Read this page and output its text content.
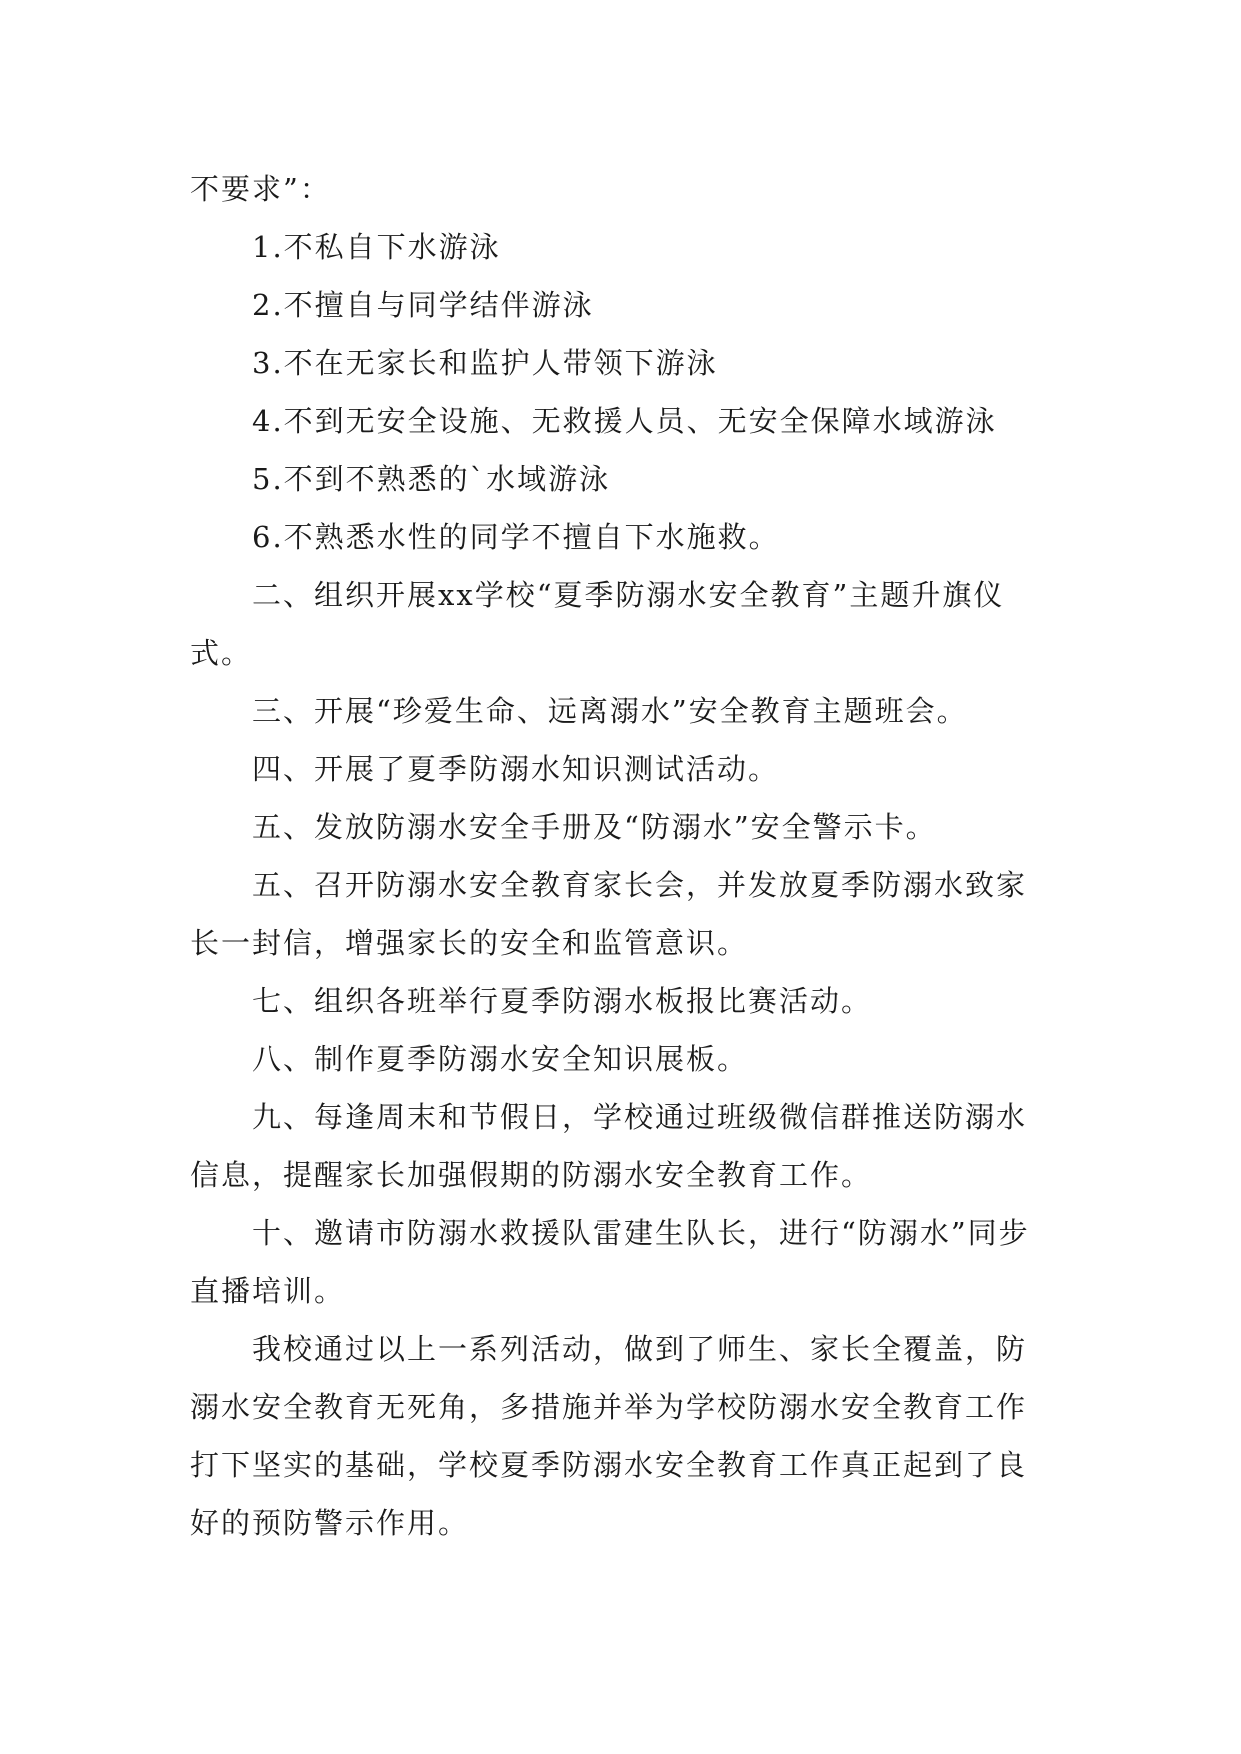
不要求”：

1.不私自下水游泳

2.不擅自与同学结伴游泳

3.不在无家长和监护人带领下游泳

4.不到无安全设施、无救援人员、无安全保障水域游泳

5.不到不熟悉的`水域游泳

6.不熟悉水性的同学不擅自下水施救。

二、组织开展xx学校“夏季防溺水安全教育”主题升旗仪式。

三、开展“珍爱生命、远离溺水”安全教育主题班会。

四、开展了夏季防溺水知识测试活动。

五、发放防溺水安全手册及“防溺水”安全警示卡。

五、召开防溺水安全教育家长会，并发放夏季防溺水致家长一封信，增强家长的安全和监管意识。

七、组织各班举行夏季防溺水板报比赛活动。

八、制作夏季防溺水安全知识展板。

九、每逢周末和节假日，学校通过班级微信群推送防溺水信息，提醒家长加强假期的防溺水安全教育工作。

十、邀请市防溺水救援队雷建生队长，进行“防溺水”同步直播培训。

我校通过以上一系列活动，做到了师生、家长全覆盖，防溺水安全教育无死角，多措施并举为学校防溺水安全教育工作打下坚实的基础，学校夏季防溺水安全教育工作真正起到了良好的预防警示作用。
